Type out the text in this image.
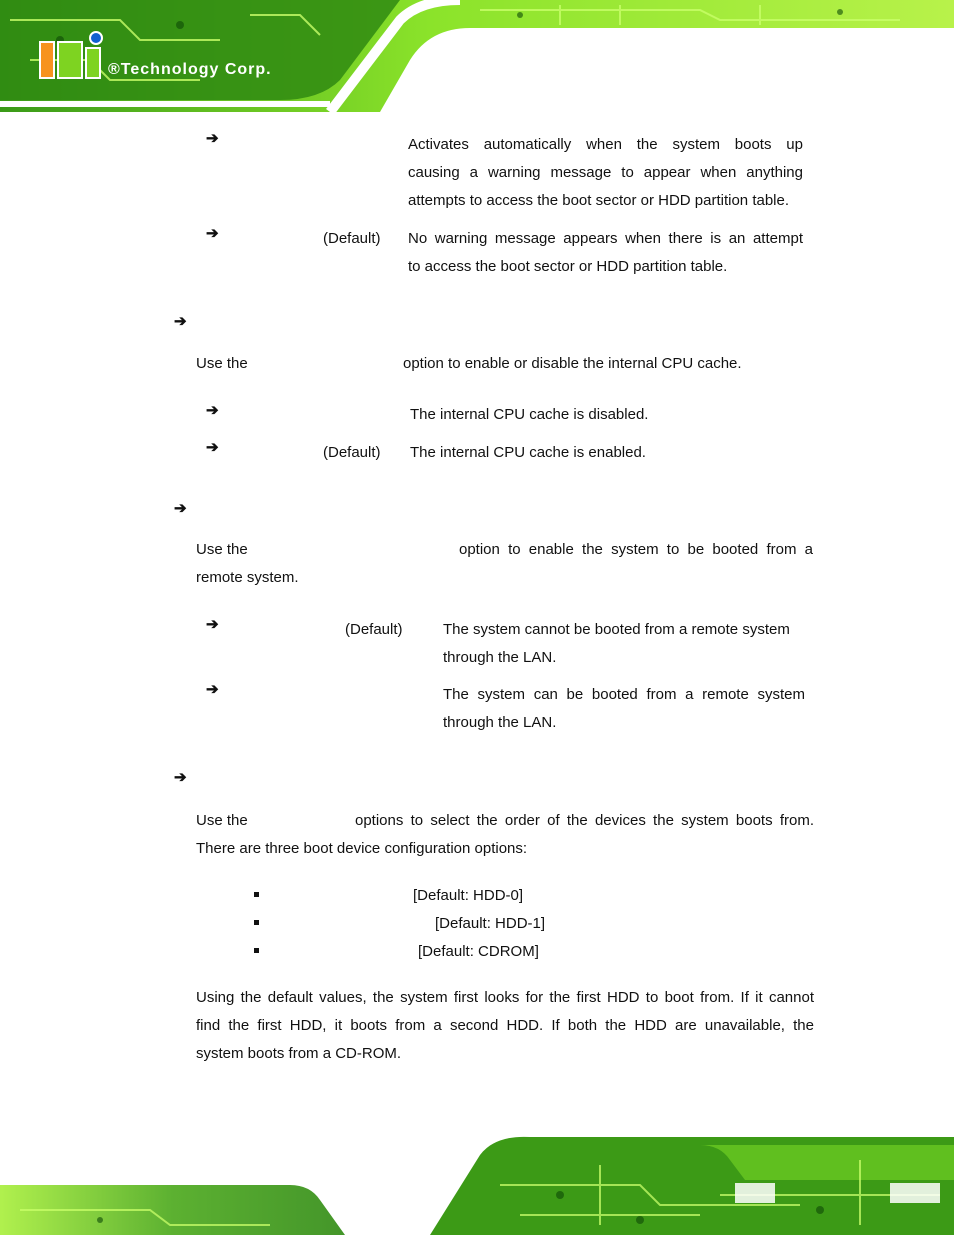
®Technology Corp.
➔	Activates automatically when the system boots up
causing a warning message to appear when anything
attempts to access the boot sector or HDD partition table.
➔	(Default) No warning message appears when there is an attempt
to access the boot sector or HDD partition table.
➔
Use the	option to enable or disable the internal CPU cache.
➔	The internal CPU cache is disabled.
➔	(Default) The internal CPU cache is enabled.
➔
Use the	option to enable the system to be booted from a
remote system.
➔	(Default)	The system cannot be booted from a remote system
through the LAN.
➔	The system can be booted from a remote system
through the LAN.
➔
Use the	options to select the order of the devices the system boots from.
There are three boot device configuration options:
[Default: HDD-0]
[Default: HDD-1]
[Default: CDROM]
Using the default values, the system first looks for the first HDD to boot from. If it cannot
find the first HDD, it boots from a second HDD. If both the HDD are unavailable, the
system boots from a CD-ROM.
